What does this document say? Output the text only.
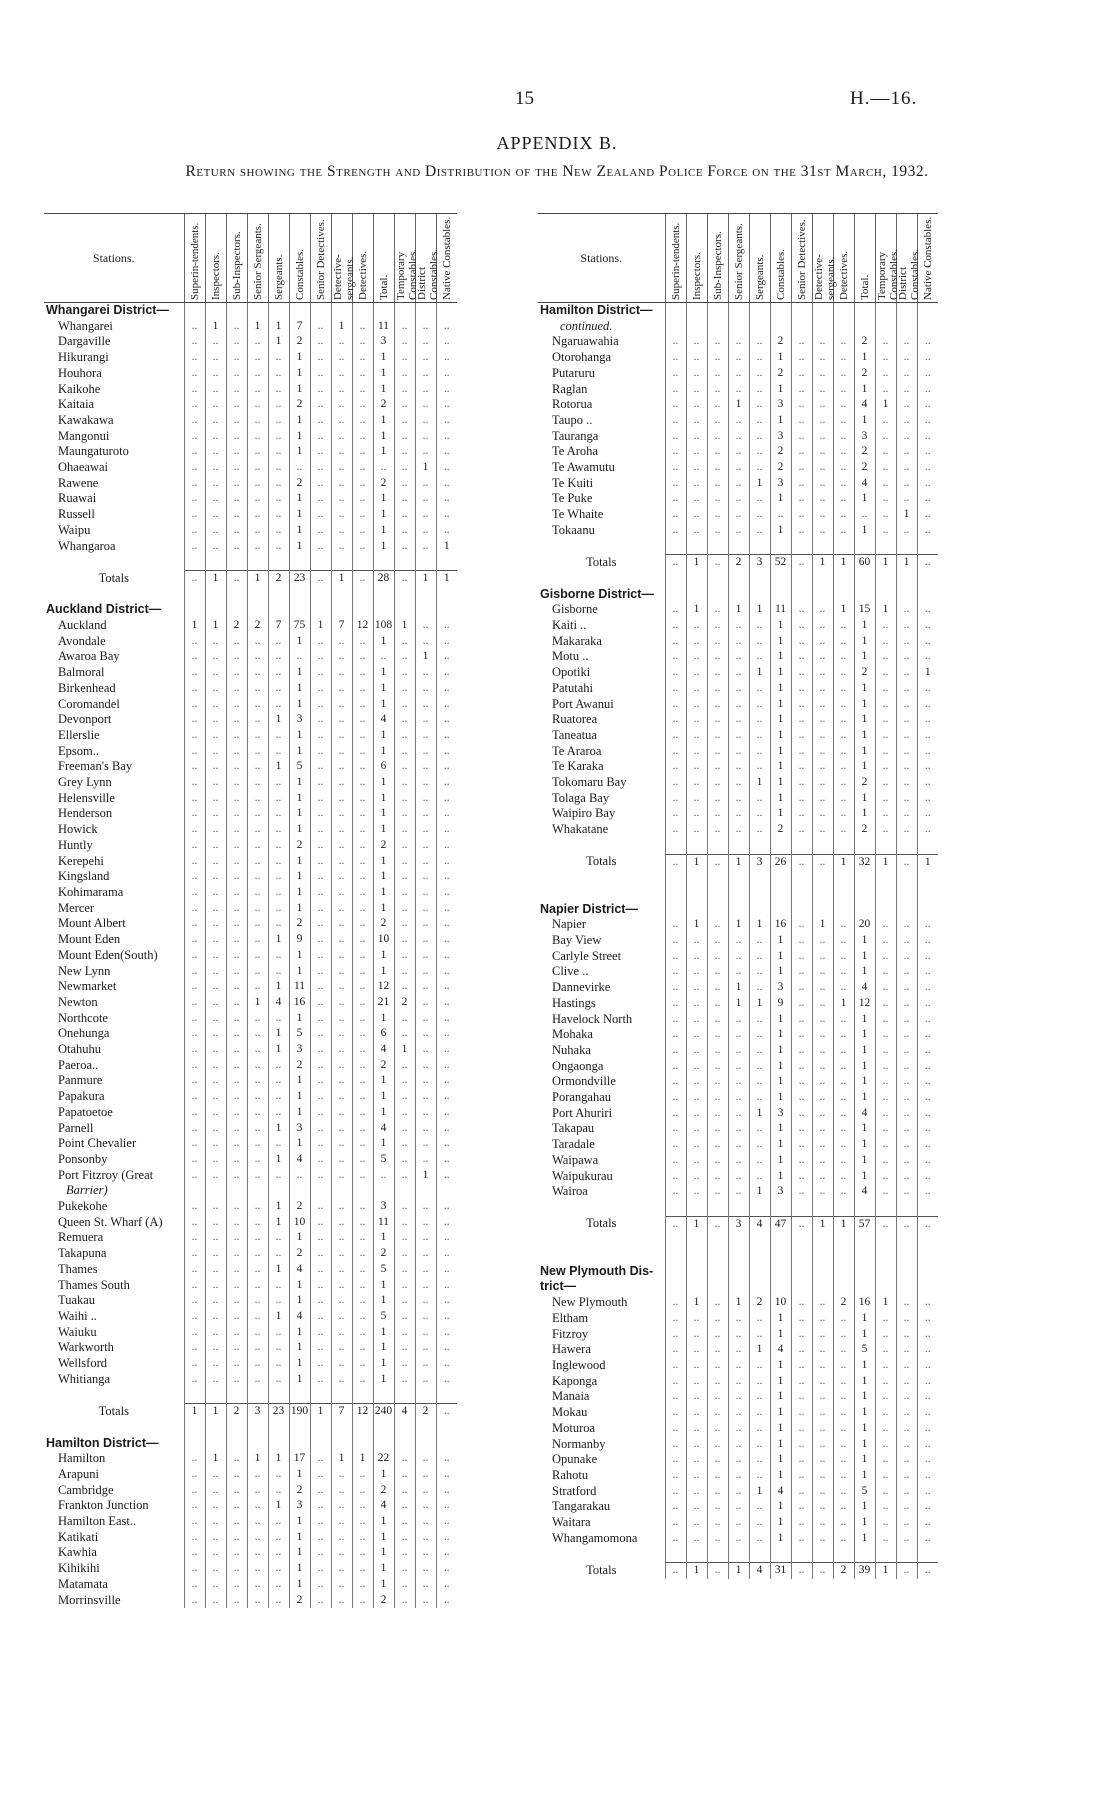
15	H.—16.
APPENDIX B.
Return showing the Strength and Distribution of the New Zealand Police Force on the 31st March, 1932.
Stations.	Superin-tendents.	Inspectors.	Sub-Inspectors.	Senior Sergeants.	Sergeants.	Constables.	Senior Detectives.	Detective-sergeants.	Detectives.	Total.	Temporary Constables.	District Constables.	Native Constables.

Whangarei District—													
Whangarei	..	1	..	1	1	7	..	1	..	11	..	..	..
Dargaville	..	..	..	..	1	2	..	..	..	3	..	..	..
Hikurangi	..	..	..	..	..	1	..	..	..	1	..	..	..
Houhora	..	..	..	..	..	1	..	..	..	1	..	..	..
Kaikohe	..	..	..	..	..	1	..	..	..	1	..	..	..
Kaitaia	..	..	..	..	..	2	..	..	..	2	..	..	..
Kawakawa	..	..	..	..	..	1	..	..	..	1	..	..	..
Mangonui	..	..	..	..	..	1	..	..	..	1	..	..	..
Maungaturoto	..	..	..	..	..	1	..	..	..	1	..	..	..
Ohaeawai	..	..	..	..	..	..	..	..	..	..	..	1	..
Rawene	..	..	..	..	..	2	..	..	..	2	..	..	..
Ruawai	..	..	..	..	..	1	..	..	..	1	..	..	..
Russell	..	..	..	..	..	1	..	..	..	1	..	..	..
Waipu	..	..	..	..	..	1	..	..	..	1	..	..	..
Whangaroa	..	..	..	..	..	1	..	..	..	1	..	..	1

Totals	..	1	..	1	2	23	..	1	..	28	..	1	1

Auckland District—													
Auckland	1	1	2	2	7	75	1	7	12	108	1	..	..
Avondale	..	..	..	..	..	1	..	..	..	1	..	..	..
Awaroa Bay	..	..	..	..	..	..	..	..	..	..	..	1	..
Balmoral	..	..	..	..	..	1	..	..	..	1	..	..	..
Birkenhead	..	..	..	..	..	1	..	..	..	1	..	..	..
Coromandel	..	..	..	..	..	1	..	..	..	1	..	..	..
Devonport	..	..	..	..	1	3	..	..	..	4	..	..	..
Ellerslie	..	..	..	..	..	1	..	..	..	1	..	..	..
Epsom..	..	..	..	..	..	1	..	..	..	1	..	..	..
Freeman's Bay	..	..	..	..	1	5	..	..	..	6	..	..	..
Grey Lynn	..	..	..	..	..	1	..	..	..	1	..	..	..
Helensville	..	..	..	..	..	1	..	..	..	1	..	..	..
Henderson	..	..	..	..	..	1	..	..	..	1	..	..	..
Howick	..	..	..	..	..	1	..	..	..	1	..	..	..
Huntly	..	..	..	..	..	2	..	..	..	2	..	..	..
Kerepehi	..	..	..	..	..	1	..	..	..	1	..	..	..
Kingsland	..	..	..	..	..	1	..	..	..	1	..	..	..
Kohimarama	..	..	..	..	..	1	..	..	..	1	..	..	..
Mercer	..	..	..	..	..	1	..	..	..	1	..	..	..
Mount Albert	..	..	..	..	..	2	..	..	..	2	..	..	..
Mount Eden	..	..	..	..	1	9	..	..	..	10	..	..	..
Mount Eden(South)	..	..	..	..	..	1	..	..	..	1	..	..	..
New Lynn	..	..	..	..	..	1	..	..	..	1	..	..	..
Newmarket	..	..	..	..	1	11	..	..	..	12	..	..	..
Newton	..	..	..	1	4	16	..	..	..	21	2	..	..
Northcote	..	..	..	..	..	1	..	..	..	1	..	..	..
Onehunga	..	..	..	..	1	5	..	..	..	6	..	..	..
Otahuhu	..	..	..	..	1	3	..	..	..	4	1	..	..
Paeroa..	..	..	..	..	..	2	..	..	..	2	..	..	..
Panmure	..	..	..	..	..	1	..	..	..	1	..	..	..
Papakura	..	..	..	..	..	1	..	..	..	1	..	..	..
Papatoetoe	..	..	..	..	..	1	..	..	..	1	..	..	..
Parnell	..	..	..	..	1	3	..	..	..	4	..	..	..
Point Chevalier	..	..	..	..	..	1	..	..	..	1	..	..	..
Ponsonby	..	..	..	..	1	4	..	..	..	5	..	..	..
Port Fitzroy (Great	..	..	..	..	..	..	..	..	..	..	..	1	..
Barrier)													
Pukekohe	..	..	..	..	1	2	..	..	..	3	..	..	..
Queen St. Wharf (A)	..	..	..	..	1	10	..	..	..	11	..	..	..
Remuera	..	..	..	..	..	1	..	..	..	1	..	..	..
Takapuna	..	..	..	..	..	2	..	..	..	2	..	..	..
Thames	..	..	..	..	1	4	..	..	..	5	..	..	..
Thames South	..	..	..	..	..	1	..	..	..	1	..	..	..
Tuakau	..	..	..	..	..	1	..	..	..	1	..	..	..
Waihi ..	..	..	..	..	1	4	..	..	..	5	..	..	..
Waiuku	..	..	..	..	..	1	..	..	..	1	..	..	..
Warkworth	..	..	..	..	..	1	..	..	..	1	..	..	..
Wellsford	..	..	..	..	..	1	..	..	..	1	..	..	..
Whitianga	..	..	..	..	..	1	..	..	..	1	..	..	..

Totals	1	1	2	3	23	190	1	7	12	240	4	2	..

Hamilton District—													
Hamilton	..	1	..	1	1	17	..	1	1	22	..	..	..
Arapuni	..	..	..	..	..	1	..	..	..	1	..	..	..
Cambridge	..	..	..	..	..	2	..	..	..	2	..	..	..
Frankton Junction	..	..	..	..	1	3	..	..	..	4	..	..	..
Hamilton East..	..	..	..	..	..	1	..	..	..	1	..	..	..
Katikati	..	..	..	..	..	1	..	..	..	1	..	..	..
Kawhia	..	..	..	..	..	1	..	..	..	1	..	..	..
Kihikihi	..	..	..	..	..	1	..	..	..	1	..	..	..
Matamata	..	..	..	..	..	1	..	..	..	1	..	..	..
Morrinsville	..	..	..	..	..	2	..	..	..	2	..	..	..
Stations.	Superin-tendents.	Inspectors.	Sub-Inspectors.	Senior Sergeants.	Sergeants.	Constables.	Senior Detectives.	Detective-sergeants.	Detectives.	Total.	Temporary Constables.	District Constables.	Native Constables.

Hamilton District—													
continued.													
Ngaruawahia	..	..	..	..	..	2	..	..	..	2	..	..	..
Otorohanga	..	..	..	..	..	1	..	..	..	1	..	..	..
Putaruru	..	..	..	..	..	2	..	..	..	2	..	..	..
Raglan	..	..	..	..	..	1	..	..	..	1	..	..	..
Rotorua	..	..	..	1	..	3	..	..	..	4	1	..	..
Taupo ..	..	..	..	..	..	1	..	..	..	1	..	..	..
Tauranga	..	..	..	..	..	3	..	..	..	3	..	..	..
Te Aroha	..	..	..	..	..	2	..	..	..	2	..	..	..
Te Awamutu	..	..	..	..	..	2	..	..	..	2	..	..	..
Te Kuiti	..	..	..	..	1	3	..	..	..	4	..	..	..
Te Puke	..	..	..	..	..	1	..	..	..	1	..	..	..
Te Whaite	..	..	..	..	..	..	..	..	..	..	..	1	..
Tokaanu	..	..	..	..	..	1	..	..	..	1	..	..	..

Totals	..	1	..	2	3	52	..	1	1	60	1	1	..

Gisborne District—													
Gisborne	..	1	..	1	1	11	..	..	1	15	1	..	..
Kaiti ..	..	..	..	..	..	1	..	..	..	1	..	..	..
Makaraka	..	..	..	..	..	1	..	..	..	1	..	..	..
Motu ..	..	..	..	..	..	1	..	..	..	1	..	..	..
Opotiki	..	..	..	..	1	1	..	..	..	2	..	..	1
Patutahi	..	..	..	..	..	1	..	..	..	1	..	..	..
Port Awanui	..	..	..	..	..	1	..	..	..	1	..	..	..
Ruatorea	..	..	..	..	..	1	..	..	..	1	..	..	..
Taneatua	..	..	..	..	..	1	..	..	..	1	..	..	..
Te Araroa	..	..	..	..	..	1	..	..	..	1	..	..	..
Te Karaka	..	..	..	..	..	1	..	..	..	1	..	..	..
Tokomaru Bay	..	..	..	..	1	1	..	..	..	2	..	..	..
Tolaga Bay	..	..	..	..	..	1	..	..	..	1	..	..	..
Waipiro Bay	..	..	..	..	..	1	..	..	..	1	..	..	..
Whakatane	..	..	..	..	..	2	..	..	..	2	..	..	..

Totals	..	1	..	1	3	26	..	..	1	32	1	..	1

Napier District—													
Napier	..	1	..	1	1	16	..	1	..	20	..	..	..
Bay View	..	..	..	..	..	1	..	..	..	1	..	..	..
Carlyle Street	..	..	..	..	..	1	..	..	..	1	..	..	..
Clive ..	..	..	..	..	..	1	..	..	..	1	..	..	..
Dannevirke	..	..	..	1	..	3	..	..	..	4	..	..	..
Hastings	..	..	..	1	1	9	..	..	1	12	..	..	..
Havelock North	..	..	..	..	..	1	..	..	..	1	..	..	..
Mohaka	..	..	..	..	..	1	..	..	..	1	..	..	..
Nuhaka	..	..	..	..	..	1	..	..	..	1	..	..	..
Ongaonga	..	..	..	..	..	1	..	..	..	1	..	..	..
Ormondville	..	..	..	..	..	1	..	..	..	1	..	..	..
Porangahau	..	..	..	..	..	1	..	..	..	1	..	..	..
Port Ahuriri	..	..	..	..	1	3	..	..	..	4	..	..	..
Takapau	..	..	..	..	..	1	..	..	..	1	..	..	..
Taradale	..	..	..	..	..	1	..	..	..	1	..	..	..
Waipawa	..	..	..	..	..	1	..	..	..	1	..	..	..
Waipukurau	..	..	..	..	..	1	..	..	..	1	..	..	..
Wairoa	..	..	..	..	1	3	..	..	..	4	..	..	..

Totals	..	1	..	3	4	47	..	1	1	57	..	..	..

New Plymouth Dis-													
trict—													
New Plymouth	..	1	..	1	2	10	..	..	2	16	1	..	..
Eltham	..	..	..	..	..	1	..	..	..	1	..	..	..
Fitzroy	..	..	..	..	..	1	..	..	..	1	..	..	..
Hawera	..	..	..	..	1	4	..	..	..	5	..	..	..
Inglewood	..	..	..	..	..	1	..	..	..	1	..	..	..
Kaponga	..	..	..	..	..	1	..	..	..	1	..	..	..
Manaia	..	..	..	..	..	1	..	..	..	1	..	..	..
Mokau	..	..	..	..	..	1	..	..	..	1	..	..	..
Moturoa	..	..	..	..	..	1	..	..	..	1	..	..	..
Normanby	..	..	..	..	..	1	..	..	..	1	..	..	..
Opunake	..	..	..	..	..	1	..	..	..	1	..	..	..
Rahotu	..	..	..	..	..	1	..	..	..	1	..	..	..
Stratford	..	..	..	..	1	4	..	..	..	5	..	..	..
Tangarakau	..	..	..	..	..	1	..	..	..	1	..	..	..
Waitara	..	..	..	..	..	1	..	..	..	1	..	..	..
Whangamomona	..	..	..	..	..	1	..	..	..	1	..	..	..

Totals	..	1	..	1	4	31	..	..	2	39	1	..	..
